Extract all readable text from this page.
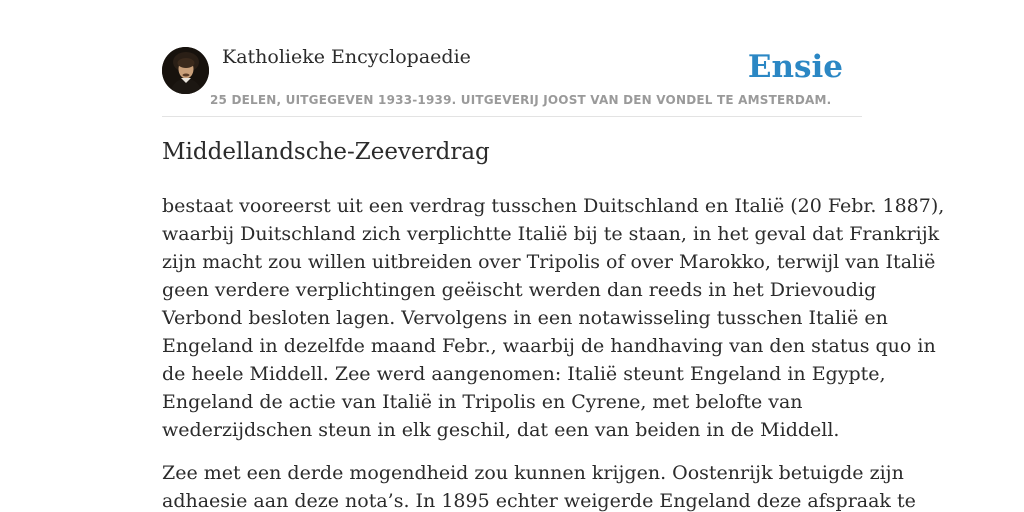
Katholieke Encyclopaedie
25 DELEN, UITGEGEVEN 1933-1939. UITGEVERIJ JOOST VAN DEN VONDEL TE AMSTERDAM.
Ensie
Middellandsche-Zeeverdrag
bestaat vooreerst uit een verdrag tusschen Duitschland en Italië (20 Febr. 1887),
waarbij Duitschland zich verplichtte Italië bij te staan, in het geval dat Frankrijk
zijn macht zou willen uitbreiden over Tripolis of over Marokko, terwijl van Italië
geen verdere verplichtingen geëischt werden dan reeds in het Drievoudig
Verbond besloten lagen. Vervolgens in een notawisseling tusschen Italië en
Engeland in dezelfde maand Febr., waarbij de handhaving van den status quo in
de heele Middell. Zee werd aangenomen: Italië steunt Engeland in Egypte,
Engeland de actie van Italië in Tripolis en Cyrene, met belofte van
wederzijdschen steun in elk geschil, dat een van beiden in de Middell.
Zee met een derde mogendheid zou kunnen krijgen. Oostenrijk betuigde zijn
adhaesie aan deze nota’s. In 1895 echter weigerde Engeland deze afspraak te
